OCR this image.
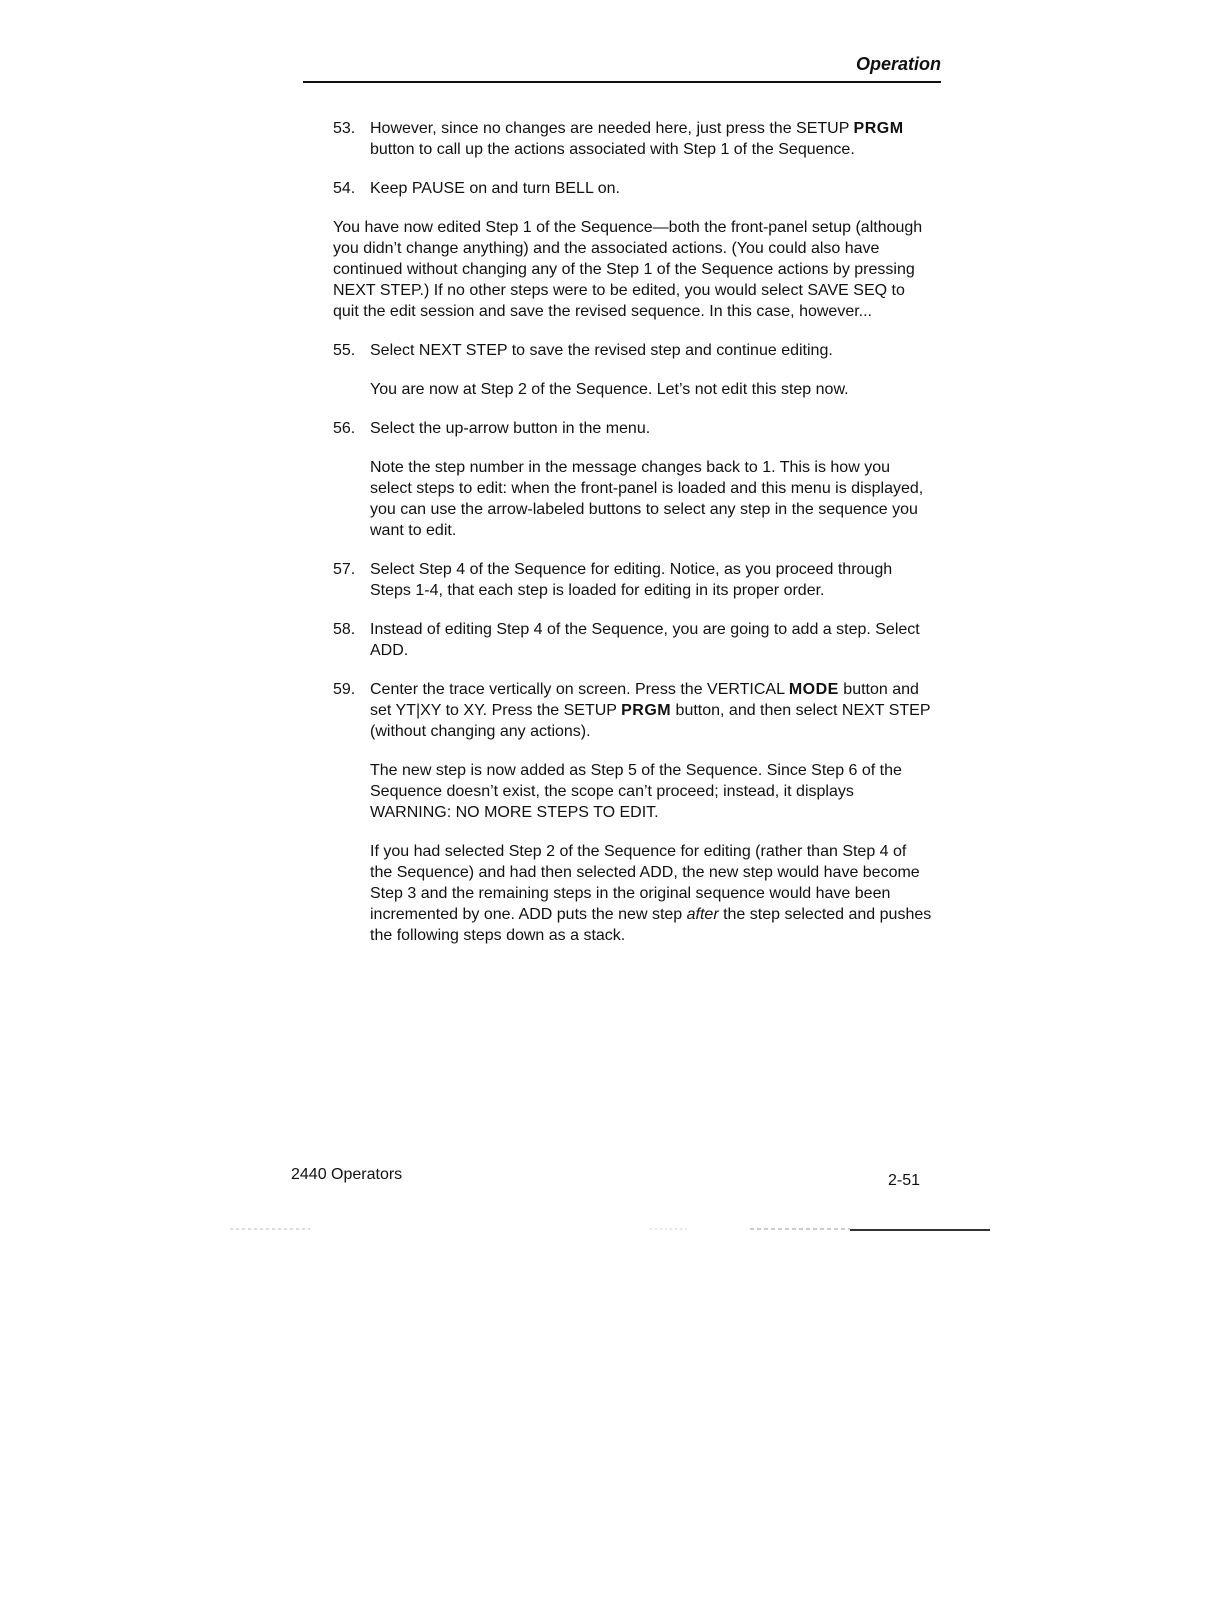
Operation
53. However, since no changes are needed here, just press the SETUP PRGM button to call up the actions associated with Step 1 of the Sequence.
54. Keep PAUSE on and turn BELL on.

You have now edited Step 1 of the Sequence—both the front-panel setup (although you didn’t change anything) and the associated actions. (You could also have continued without changing any of the Step 1 of the Sequence actions by pressing NEXT STEP.) If no other steps were to be edited, you would select SAVE SEQ to quit the edit session and save the revised sequence. In this case, however...

55. Select NEXT STEP to save the revised step and continue editing.

You are now at Step 2 of the Sequence. Let’s not edit this step now.

56. Select the up-arrow button in the menu.

Note the step number in the message changes back to 1. This is how you select steps to edit: when the front-panel is loaded and this menu is displayed, you can use the arrow-labeled buttons to select any step in the sequence you want to edit.

57. Select Step 4 of the Sequence for editing. Notice, as you proceed through Steps 1-4, that each step is loaded for editing in its proper order.
58. Instead of editing Step 4 of the Sequence, you are going to add a step. Select ADD.
59. Center the trace vertically on screen. Press the VERTICAL MODE button and set YT|XY to XY. Press the SETUP PRGM button, and then select NEXT STEP (without changing any actions).

The new step is now added as Step 5 of the Sequence. Since Step 6 of the Sequence doesn’t exist, the scope can’t proceed; instead, it displays WARNING: NO MORE STEPS TO EDIT.

If you had selected Step 2 of the Sequence for editing (rather than Step 4 of the Sequence) and had then selected ADD, the new step would have become Step 3 and the remaining steps in the original sequence would have been incremented by one. ADD puts the new step after the step selected and pushes the following steps down as a stack.

2440 Operators	2-51
